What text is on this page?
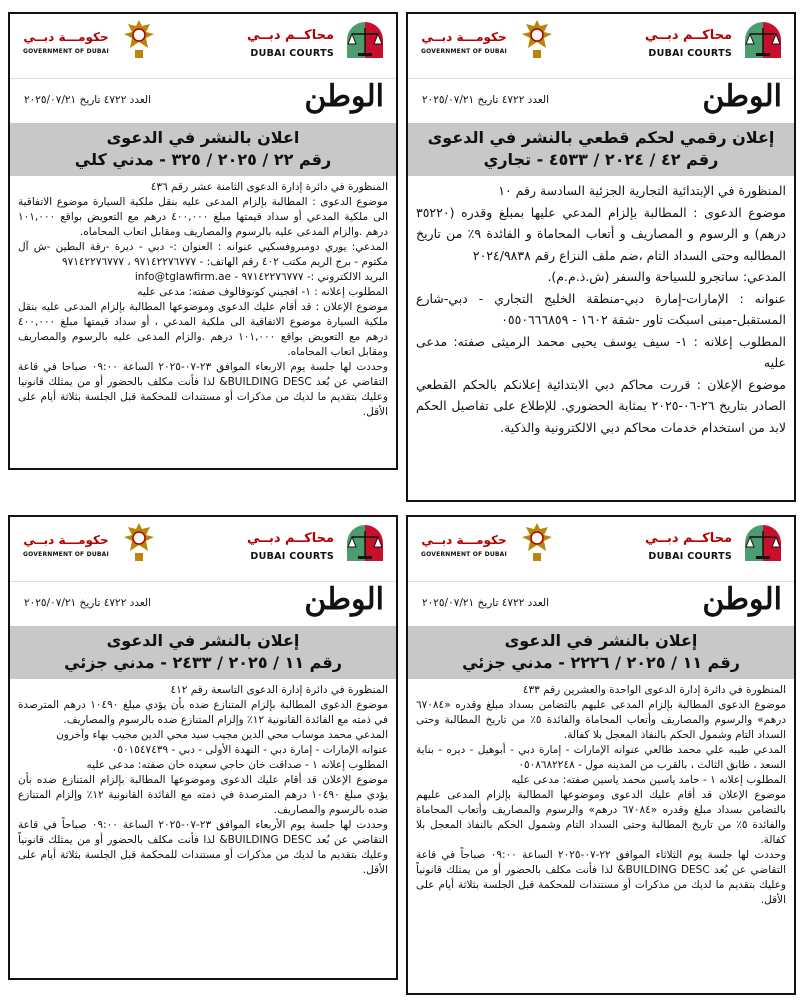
حكومـــة دبــي
GOVERNMENT OF DUBAI
محاكــم دبــي
DUBAI COURTS
الوطن
العدد ٤٧٢٢ تاريخ ٢٠٢٥/٠٧/٢١
إعلان رقمي لحكم قطعي بالنشر في الدعوى
رقم ٤٢ / ٢٠٢٤ / ٤٥٣٣ - تجاري

المنظورة في الإبتدائية التجارية الجزئية السادسة رقم ١٠

موضوع الدعوى : المطالبة بإلزام المدعي عليها بمبلغ وقدره (٣٥٢٢٠ درهم) و الرسوم و المصاريف و أتعاب المحاماة و الفائدة ٩٪ من تاريخ المطالبه وحتى السداد التام ،ضم ملف النزاع رقم ٢٠٢٤/٩٨٣٨

المدعي: ساتجرو للسياحة والسفر (ش.ذ.م.م).

عنوانه : الإمارات-إمارة دبي-منطقة الخليج التجاري - دبي-شارع المستقبل-مبنى اسبكت تاور -شقة ١٦٠٢ - ٠٥٥٠٦٦٦٨٥٩

المطلوب إعلانه : ١- سيف يوسف يحيى محمد الرميثى صفته: مدعى عليه

موضوع الإعلان : قررت محاكم دبي الابتدائية إعلانكم بالحكم القطعي الصادر بتاريخ ٢٦-٠٦-٢٠٢٥ بمثابة الحضوري. للإطلاع على تفاصيل الحكم لابد من استخدام خدمات محاكم دبي الالكترونية والذكية.

حكومـــة دبــي
GOVERNMENT OF DUBAI
محاكــم دبــي
DUBAI COURTS
الوطن
العدد ٤٧٢٢ تاريخ ٢٠٢٥/٠٧/٢١
اعلان بالنشر في الدعوى
رقم ٢٢ / ٢٠٢٥ / ٣٢٥ - مدني كلي

المنظورة في دائرة إدارة الدعوى الثامنة عشر رقم ٤٣٦

موضوع الدعوى : المطالبة بإلزام المدعى عليه بنقل ملكية السيارة موضوع الاتفاقية الى ملكية المدعي أو سداد قيمتها مبلغ ٤٠٠,٠٠٠ درهم مع التعويض بواقع ١٠١,٠٠٠ درهم .والزام المدعى عليه بالرسوم والمصاريف ومقابل اتعاب المحاماه.

المدعي: يوري دومبروفسكيي عنوانه : العنوان :- دبي - ديرة -رقة البطين -ش آل مكتوم - برج الريم مكتب ٤٠٢ رقم الهاتف: - ٩٧١٤٢٢٧٦٧٧٧ ، ٩٧١٤٢٢٧٦٧٧٧

البريد الالكتروني :- ٩٧١٤٢٢٧٦٧٧٧ - info@tglawfirm.ae

المطلوب إعلانه : ١- افجيني كونوفالوف صفته: مدعى عليه

موضوع الإعلان : قد أقام عليك الدعوى وموضوعها المطالبة بإلزام المدعى عليه بنقل ملكية السيارة موضوع الاتفاقية الى ملكية المدعي ، أو سداد قيمتها مبلغ ٤٠٠,٠٠٠ درهم مع التعويض بواقع ١٠١,٠٠٠ درهم .والزام المدعى عليه بالرسوم والمصاريف ومقابل اتعاب المحاماه.

وحددت لها جلسة يوم الاربعاء الموافق ٢٣-٠٧-٢٠٢٥ الساعة ٠٩:٠٠ صباحا في قاعة التقاضي عن بُعد BUILDING DESC& لذا فأنت مكلف بالحضور أو من يمثلك قانونيا وعليك بتقديم ما لديك من مذكرات أو مستندات للمحكمة قبل الجلسة بثلاثة أيام على الأقل.

حكومـــة دبــي
GOVERNMENT OF DUBAI
محاكــم دبــي
DUBAI COURTS
الوطن
العدد ٤٧٢٢ تاريخ ٢٠٢٥/٠٧/٢١
إعلان بالنشر في الدعوى
رقم ١١ / ٢٠٢٥ / ٢٢٢٦ - مدني جزئي

المنظورة في دائرة إدارة الدعوى الواحدة والعشرين رقم ٤٣٣

موضوع الدعوى المطالبة بإلزام المدعى عليهم بالتضامن بسداد مبلغ وقدره «٦٧٠٨٤ درهم» والرسوم والمصاريف وأتعاب المحاماة والفائدة ٥٪ من تاريخ المطالبة وحتى السداد التام وشمول الحكم بالنفاذ المعجل بلا كفالة.

المدعي طيبه علي محمد طالعي عنوانه الإمارات - إمارة دبي - أبوهيل - ديره - بناية السعد ، طابق الثالث ، بالقرب من المدينه مول - ٠٥٠٨٦٨٢٢٤٨

المطلوب إعلانه ١ - حامد ياسين محمد ياسين صفته: مدعى عليه

موضوع الإعلان قد أقام عليك الدعوى وموضوعها المطالبة بإلزام المدعى عليهم بالتضامن بسداد مبلغ وقدره «٦٧٠٨٤ درهم» والرسوم والمصاريف وأتعاب المحاماة والفائدة ٥٪ من تاريخ المطالبة وحتى السداد التام وشمول الحكم بالنفاذ المعجل بلا كفالة.

وحددت لها جلسة يوم الثلاثاء الموافق ٢٢-٠٧-٢٠٢٥ الساعة ٠٩:٠٠ صباحاً في قاعة التقاضي عن بُعد BUILDING DESC& لذا فأنت مكلف بالحضور أو من يمثلك قانونياً وعليك بتقديم ما لديك من مذكرات أو مستندات للمحكمة قبل الجلسة بثلاثة أيام على الأقل.

حكومـــة دبــي
GOVERNMENT OF DUBAI
محاكــم دبــي
DUBAI COURTS
الوطن
العدد ٤٧٢٢ تاريخ ٢٠٢٥/٠٧/٢١
إعلان بالنشر في الدعوى
رقم ١١ / ٢٠٢٥ / ٢٤٣٣ - مدني جزئي

المنظورة في دائرة إدارة الدعوى التاسعة رقم ٤١٢

موضوع الدعوى المطالبة بإلزام المتنازع ضده بأن يؤدي مبلغ ١٠٤٩٠ درهم المترصدة في ذمته مع الفائدة القانونية ١٢٪ وإلزام المتنازع ضده بالرسوم والمصاريف.

المدعي محمد موساب محي الدين مجيب سيد محي الدين مجيب بهاء وآخرون

عنوانه الإمارات - إمارة دبي - النهدة الأولى - دبي - ٠٥٠١٥٤٧٤٣٩

المطلوب إعلانه ١ - صداقت خان حاجي سعيده خان صفته: مدعى عليه

موضوع الإعلان قد أقام عليك الدعوى وموضوعها المطالبة بإلزام المتنازع ضده بأن يؤدي مبلغ ١٠٤٩٠ درهم المترصدة في ذمته مع الفائدة القانونية ١٢٪ وإلزام المتنازع ضده بالرسوم والمصاريف.

وحددت لها جلسة يوم الأربعاء الموافق ٢٣-٠٧-٢٠٢٥ الساعة ٠٩:٠٠ صباحاً في قاعة التقاضي عن بُعد BUILDING DESC& لذا فأنت مكلف بالحضور أو من يمثلك قانونياً وعليك بتقديم ما لديك من مذكرات أو مستندات للمحكمة قبل الجلسة بثلاثة أيام على الأقل.
